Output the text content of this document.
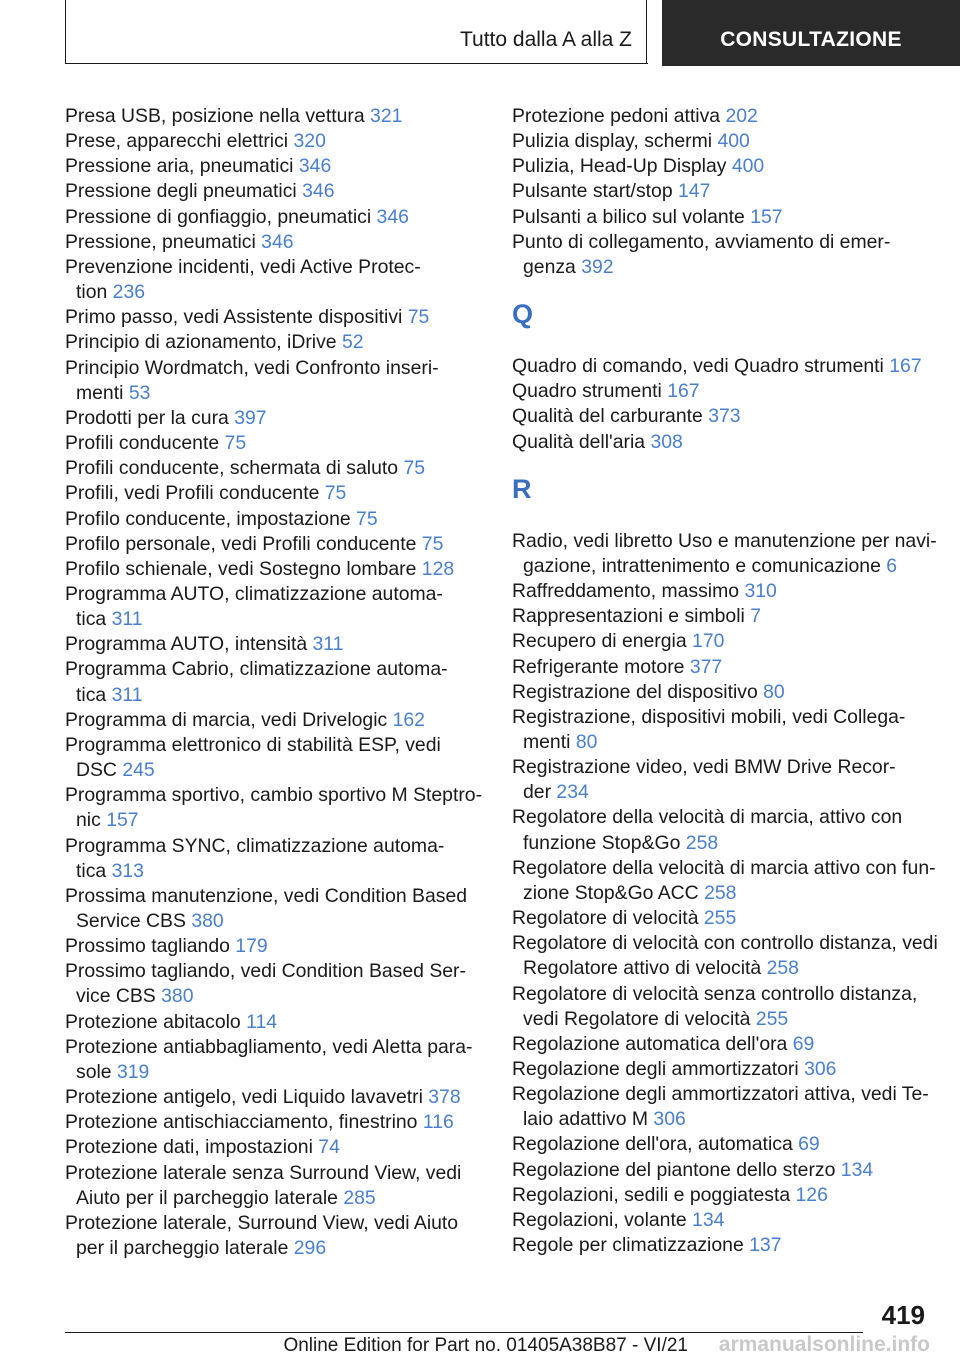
Tutto dalla A alla Z	CONSULTAZIONE
Presa USB, posizione nella vettura 321
Prese, apparecchi elettrici 320
Pressione aria, pneumatici 346
Pressione degli pneumatici 346
Pressione di gonfiaggio, pneumatici 346
Pressione, pneumatici 346
Prevenzione incidenti, vedi Active Protec-
tion 236
Primo passo, vedi Assistente dispositivi 75
Principio di azionamento, iDrive 52
Principio Wordmatch, vedi Confronto inseri-
menti 53
Prodotti per la cura 397
Profili conducente 75
Profili conducente, schermata di saluto 75
Profili, vedi Profili conducente 75
Profilo conducente, impostazione 75
Profilo personale, vedi Profili conducente 75
Profilo schienale, vedi Sostegno lombare 128
Programma AUTO, climatizzazione automa-
tica 311
Programma AUTO, intensità 311
Programma Cabrio, climatizzazione automa-
tica 311
Programma di marcia, vedi Drivelogic 162
Programma elettronico di stabilità ESP, vedi
DSC 245
Programma sportivo, cambio sportivo M Steptro-
nic 157
Programma SYNC, climatizzazione automa-
tica 313
Prossima manutenzione, vedi Condition Based
Service CBS 380
Prossimo tagliando 179
Prossimo tagliando, vedi Condition Based Ser-
vice CBS 380
Protezione abitacolo 114
Protezione antiabbagliamento, vedi Aletta para-
sole 319
Protezione antigelo, vedi Liquido lavavetri 378
Protezione antischiacciamento, finestrino 116
Protezione dati, impostazioni 74
Protezione laterale senza Surround View, vedi
Aiuto per il parcheggio laterale 285
Protezione laterale, Surround View, vedi Aiuto
per il parcheggio laterale 296
Protezione pedoni attiva 202
Pulizia display, schermi 400
Pulizia, Head-Up Display 400
Pulsante start/stop 147
Pulsanti a bilico sul volante 157
Punto di collegamento, avviamento di emer-
genza 392
Q
Quadro di comando, vedi Quadro strumenti 167
Quadro strumenti 167
Qualità del carburante 373
Qualità dell'aria 308
R
Radio, vedi libretto Uso e manutenzione per navi-
gazione, intrattenimento e comunicazione 6
Raffreddamento, massimo 310
Rappresentazioni e simboli 7
Recupero di energia 170
Refrigerante motore 377
Registrazione del dispositivo 80
Registrazione, dispositivi mobili, vedi Collega-
menti 80
Registrazione video, vedi BMW Drive Recor-
der 234
Regolatore della velocità di marcia, attivo con
funzione Stop&Go 258
Regolatore della velocità di marcia attivo con fun-
zione Stop&Go ACC 258
Regolatore di velocità 255
Regolatore di velocità con controllo distanza, vedi
Regolatore attivo di velocità 258
Regolatore di velocità senza controllo distanza,
vedi Regolatore di velocità 255
Regolazione automatica dell'ora 69
Regolazione degli ammortizzatori 306
Regolazione degli ammortizzatori attiva, vedi Te-
laio adattivo M 306
Regolazione dell'ora, automatica 69
Regolazione del piantone dello sterzo 134
Regolazioni, sedili e poggiatesta 126
Regolazioni, volante 134
Regole per climatizzazione 137
419
Online Edition for Part no. 01405A38B87 - VI/21 armanualsonline.info
